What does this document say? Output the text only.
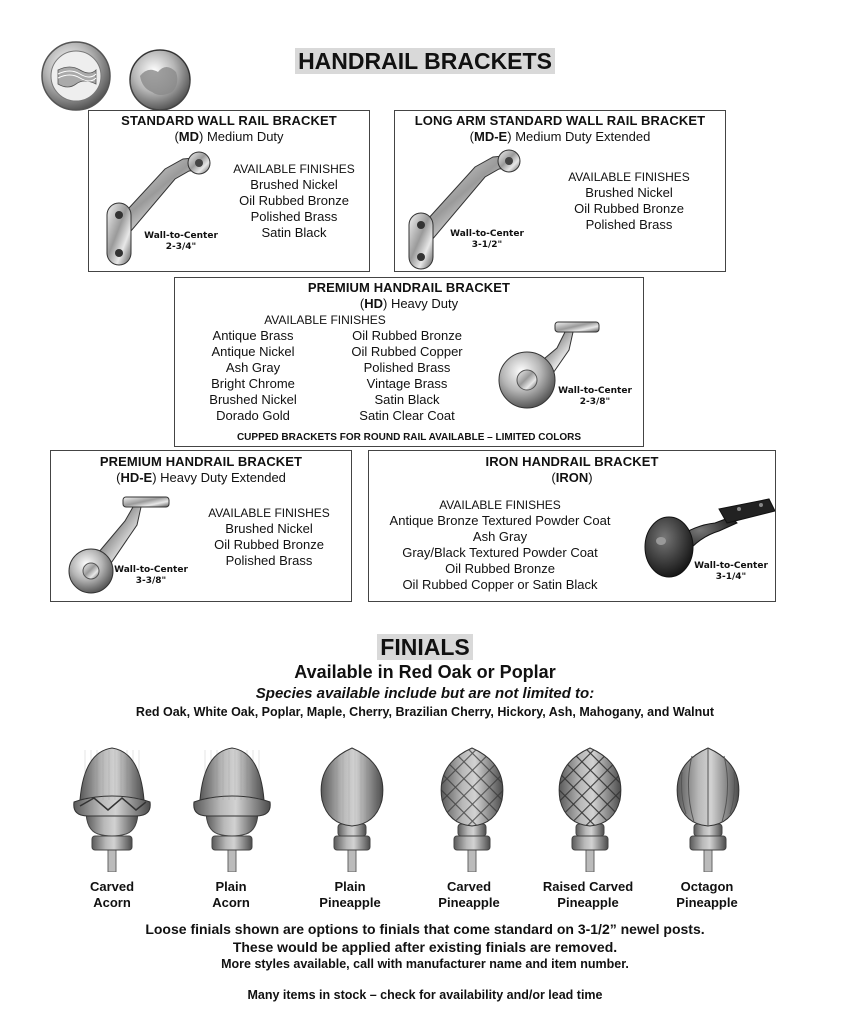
HANDRAIL BRACKETS
STANDARD WALL RAIL BRACKET
(MD) Medium Duty
AVAILABLE FINISHES
Brushed Nickel
Oil Rubbed Bronze
Polished Brass
Satin Black
Wall-to-Center
2-3/4"
LONG ARM STANDARD WALL RAIL BRACKET
(MD-E) Medium Duty Extended
AVAILABLE FINISHES
Brushed Nickel
Oil Rubbed Bronze
Polished Brass
Wall-to-Center
3-1/2"
PREMIUM HANDRAIL BRACKET
(HD) Heavy Duty
AVAILABLE FINISHES
Antique Brass
Antique Nickel
Ash Gray
Bright Chrome
Brushed Nickel
Dorado Gold
Oil Rubbed Bronze
Oil Rubbed Copper
Polished Brass
Vintage Brass
Satin Black
Satin Clear Coat
Wall-to-Center
2-3/8"
CUPPED BRACKETS FOR ROUND RAIL AVAILABLE – LIMITED COLORS
PREMIUM HANDRAIL BRACKET
(HD-E) Heavy Duty Extended
AVAILABLE FINISHES
Brushed Nickel
Oil Rubbed Bronze
Polished Brass
Wall-to-Center
3-3/8"
IRON HANDRAIL BRACKET
(IRON)
AVAILABLE FINISHES
Antique Bronze Textured Powder Coat
Ash Gray
Gray/Black Textured Powder Coat
Oil Rubbed Bronze
Oil Rubbed Copper or Satin Black
Wall-to-Center
3-1/4"
FINIALS
Available in Red Oak or Poplar
Species available include but are not limited to:
Red Oak, White Oak, Poplar, Maple, Cherry, Brazilian Cherry, Hickory, Ash, Mahogany, and Walnut
Carved
Acorn
Plain
Acorn
Plain
Pineapple
Carved
Pineapple
Raised Carved
Pineapple
Octagon
Pineapple
Loose finials shown are options to finials that come standard on 3-1/2” newel posts.
These would be applied after existing finials are removed.
More styles available, call with manufacturer name and item number.
Many items in stock – check for availability and/or lead time
